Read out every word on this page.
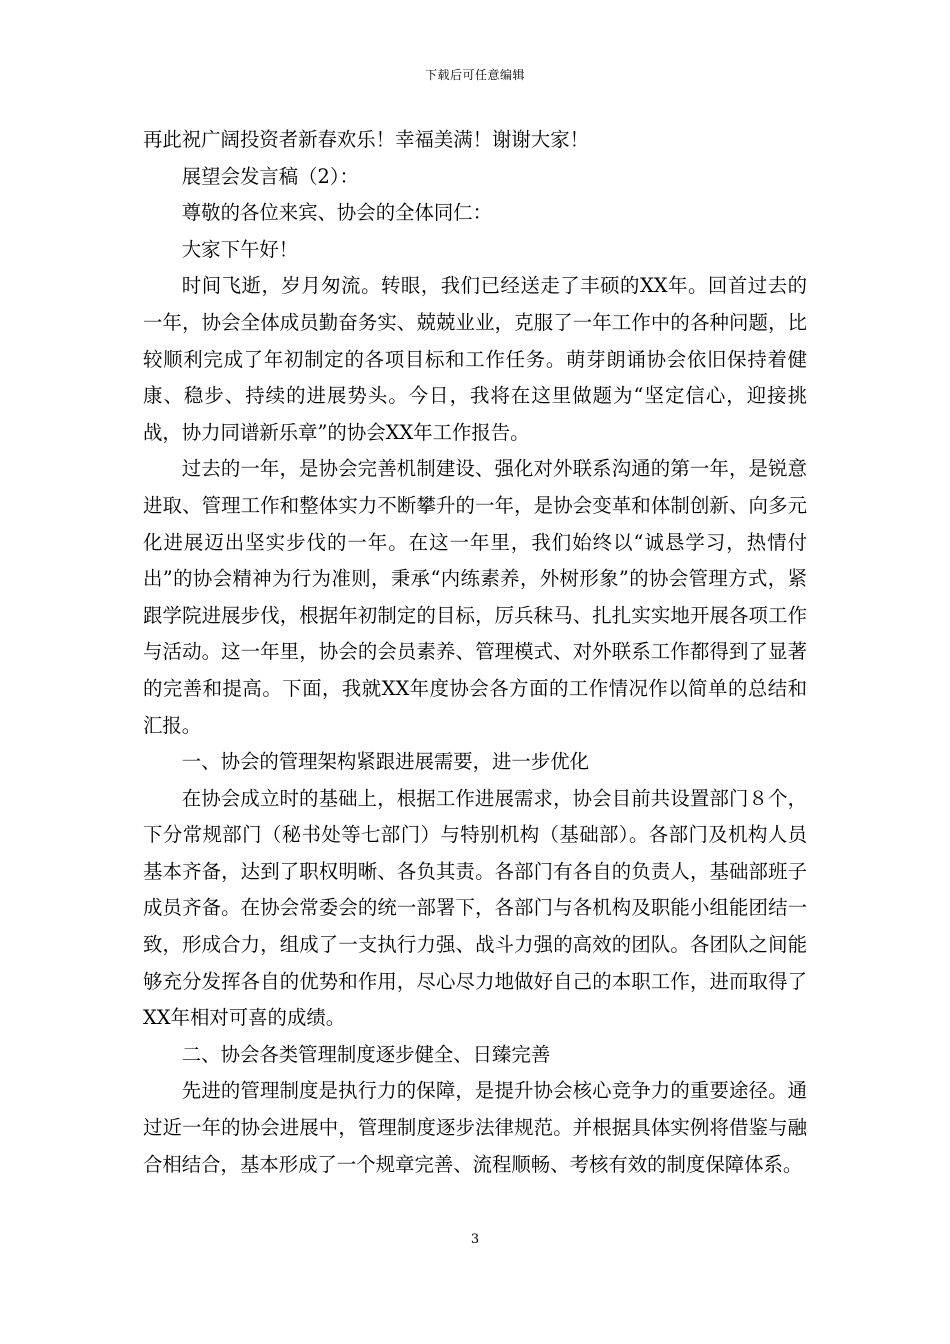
下载后可任意编辑

再此祝广阔投资者新春欢乐！幸福美满！谢谢大家！

展望会发言稿（2）：

尊敬的各位来宾、协会的全体同仁：

大家下午好！

时间飞逝，岁月匆流。转眼，我们已经送走了丰硕的XX年。回首过去的一年，协会全体成员勤奋务实、兢兢业业，克服了一年工作中的各种问题，比较顺利完成了年初制定的各项目标和工作任务。萌芽朗诵协会依旧保持着健康、稳步、持续的进展势头。今日，我将在这里做题为“坚定信心，迎接挑战，协力同谱新乐章”的协会XX年工作报告。

过去的一年，是协会完善机制建设、强化对外联系沟通的第一年，是锐意进取、管理工作和整体实力不断攀升的一年，是协会变革和体制创新、向多元化进展迈出坚实步伐的一年。在这一年里，我们始终以“诚恳学习，热情付出”的协会精神为行为准则，秉承“内练素养，外树形象”的协会管理方式，紧跟学院进展步伐，根据年初制定的目标，厉兵秣马、扎扎实实地开展各项工作与活动。这一年里，协会的会员素养、管理模式、对外联系工作都得到了显著的完善和提高。下面，我就XX年度协会各方面的工作情况作以简单的总结和汇报。

一、协会的管理架构紧跟进展需要，进一步优化

在协会成立时的基础上，根据工作进展需求，协会目前共设置部门８个，下分常规部门（秘书处等七部门）与特别机构（基础部）。各部门及机构人员基本齐备，达到了职权明晰、各负其责。各部门有各自的负责人，基础部班子成员齐备。在协会常委会的统一部署下，各部门与各机构及职能小组能团结一致，形成合力，组成了一支执行力强、战斗力强的高效的团队。各团队之间能够充分发挥各自的优势和作用，尽心尽力地做好自己的本职工作，进而取得了XX年相对可喜的成绩。

二、协会各类管理制度逐步健全、日臻完善

先进的管理制度是执行力的保障，是提升协会核心竞争力的重要途径。通过近一年的协会进展中，管理制度逐步法律规范。并根据具体实例将借鉴与融合相结合，基本形成了一个规章完善、流程顺畅、考核有效的制度保障体系。

3
